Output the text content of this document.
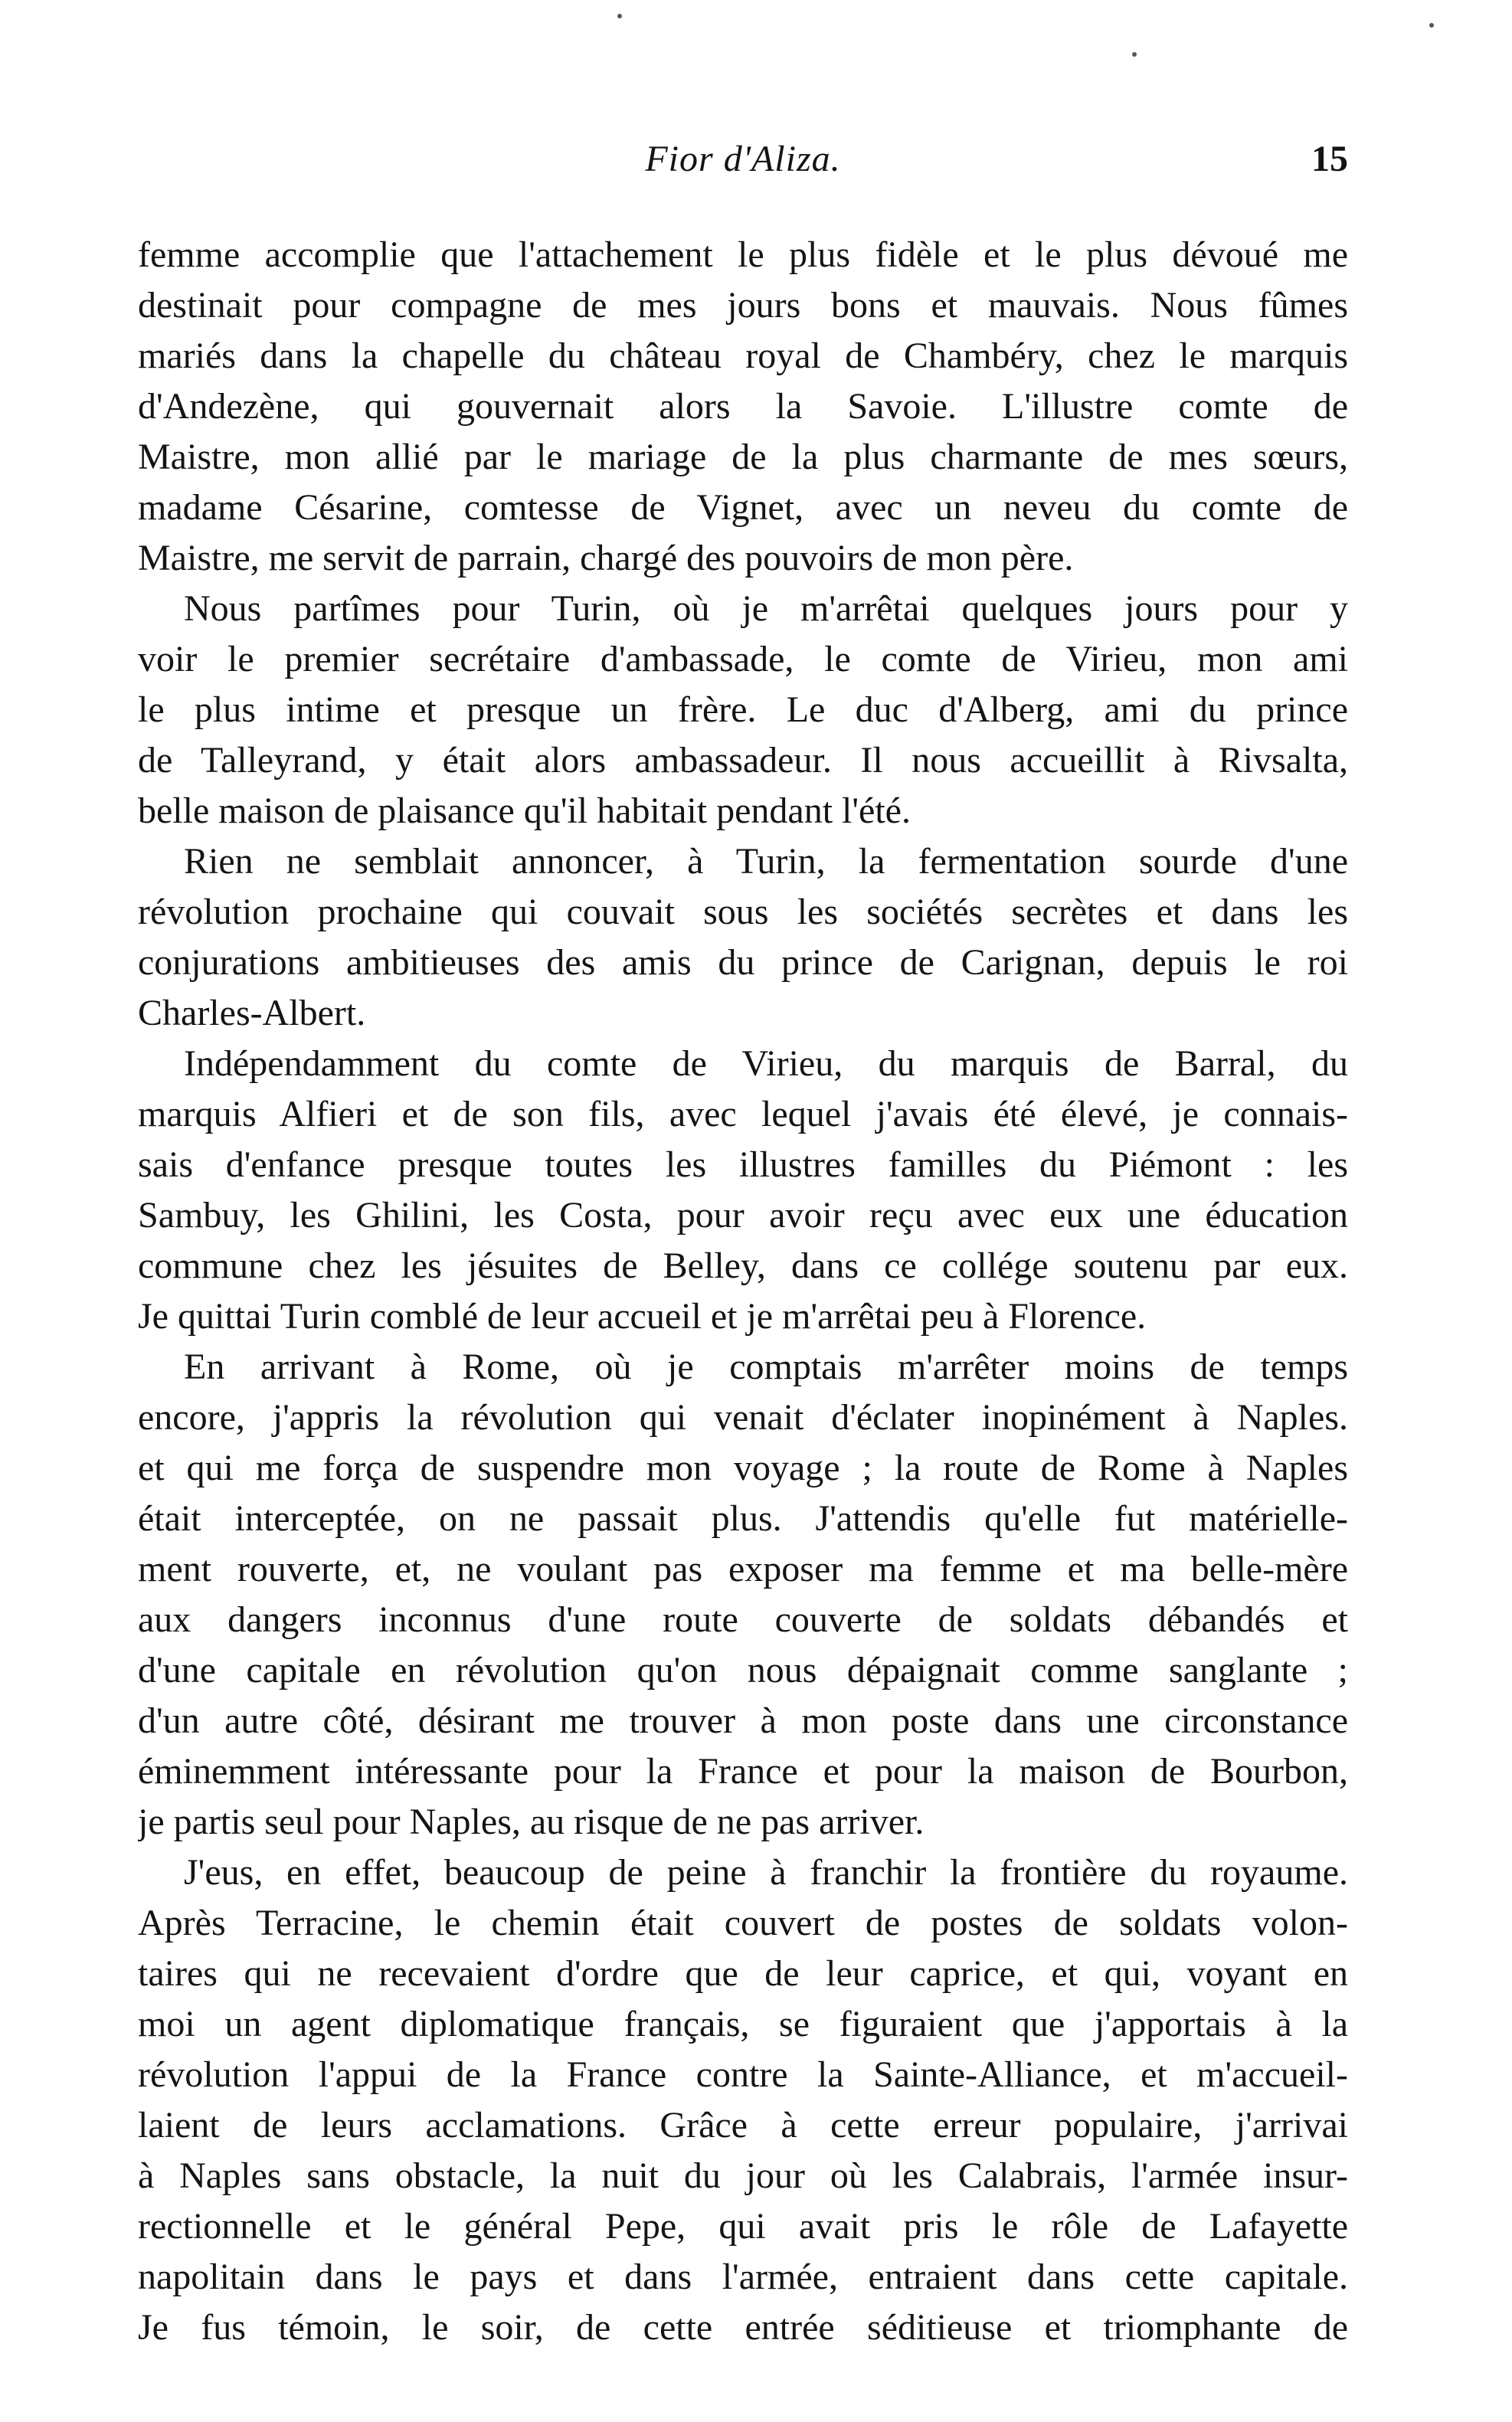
Fior d'Aliza.	15
femme accomplie que l'attachement le plus fidèle et le plus dévoué me
destinait pour compagne de mes jours bons et mauvais. Nous fûmes
mariés dans la chapelle du château royal de Chambéry, chez le marquis
d'Andezène, qui gouvernait alors la Savoie. L'illustre comte de
Maistre, mon allié par le mariage de la plus charmante de mes sœurs,
madame Césarine, comtesse de Vignet, avec un neveu du comte de
Maistre, me servit de parrain, chargé des pouvoirs de mon père.
Nous partîmes pour Turin, où je m'arrêtai quelques jours pour y
voir le premier secrétaire d'ambassade, le comte de Virieu, mon ami
le plus intime et presque un frère. Le duc d'Alberg, ami du prince
de Talleyrand, y était alors ambassadeur. Il nous accueillit à Rivsalta,
belle maison de plaisance qu'il habitait pendant l'été.
Rien ne semblait annoncer, à Turin, la fermentation sourde d'une
révolution prochaine qui couvait sous les sociétés secrètes et dans les
conjurations ambitieuses des amis du prince de Carignan, depuis le roi
Charles-Albert.
Indépendamment du comte de Virieu, du marquis de Barral, du
marquis Alfieri et de son fils, avec lequel j'avais été élevé, je connais-
sais d'enfance presque toutes les illustres familles du Piémont : les
Sambuy, les Ghilini, les Costa, pour avoir reçu avec eux une éducation
commune chez les jésuites de Belley, dans ce collége soutenu par eux.
Je quittai Turin comblé de leur accueil et je m'arrêtai peu à Florence.
En arrivant à Rome, où je comptais m'arrêter moins de temps
encore, j'appris la révolution qui venait d'éclater inopinément à Naples.
et qui me força de suspendre mon voyage ; la route de Rome à Naples
était interceptée, on ne passait plus. J'attendis qu'elle fut matérielle-
ment rouverte, et, ne voulant pas exposer ma femme et ma belle-mère
aux dangers inconnus d'une route couverte de soldats débandés et
d'une capitale en révolution qu'on nous dépaignait comme sanglante ;
d'un autre côté, désirant me trouver à mon poste dans une circonstance
éminemment intéressante pour la France et pour la maison de Bourbon,
je partis seul pour Naples, au risque de ne pas arriver.
J'eus, en effet, beaucoup de peine à franchir la frontière du royaume.
Après Terracine, le chemin était couvert de postes de soldats volon-
taires qui ne recevaient d'ordre que de leur caprice, et qui, voyant en
moi un agent diplomatique français, se figuraient que j'apportais à la
révolution l'appui de la France contre la Sainte-Alliance, et m'accueil-
laient de leurs acclamations. Grâce à cette erreur populaire, j'arrivai
à Naples sans obstacle, la nuit du jour où les Calabrais, l'armée insur-
rectionnelle et le général Pepe, qui avait pris le rôle de Lafayette
napolitain dans le pays et dans l'armée, entraient dans cette capitale.
Je fus témoin, le soir, de cette entrée séditieuse et triomphante de
